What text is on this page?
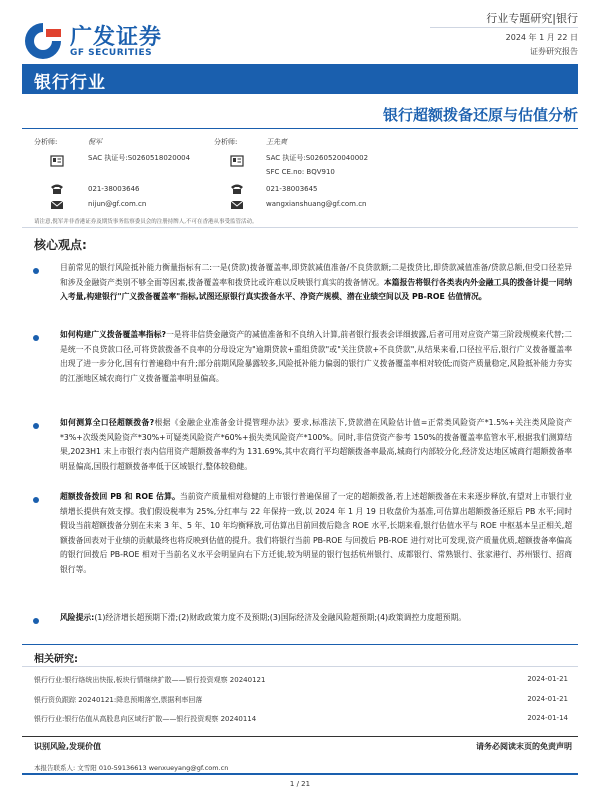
广发证券
GF SECURITIES
行业专题研究|银行
2024 年 1 月 22 日
证券研究报告
银行行业
银行超额拨备还原与估值分析
分析师:	倪军
SAC 执证号:S0260518020004
021-38003646
nijun@gf.com.cn
分析师:	王先爽
SAC 执证号:S0260520040002
SFC CE.no: BQV910
021-38003645
wangxianshuang@gf.com.cn
请注意,倪军并非香港证券及期货事务监察委员会的注册持牌人,不可在香港从事受监管活动。
核心观点:
目前常见的银行风险抵补能力衡量指标有二:一是(贷款)拨备覆盖率,即贷款减值准备/不良贷款额;二是拨贷比,即贷款减值准备/贷款总额,但受口径差异和涉及金融资产类别不够全面等因素,拨备覆盖率和拨贷比或许难以反映银行真实的拨备情况。本篇报告将银行各类表内外金融工具的拨备计提一同纳入考量,构建银行"广义拨备覆盖率"指标,试图还原银行真实拨备水平、净资产规模、潜在业绩空间以及 PB-ROE 估值情况。
如何构建广义拨备覆盖率指标?一是将非信贷金融资产的减值准备和不良纳入计算,前者银行报表会详细披露,后者可用对应资产第三阶段规模来代替;二是统一不良贷款口径,可将贷款拨备不良率的分母设定为"逾期贷款+重组贷款"或"关注贷款+不良贷款",从结果来看,口径拉平后,银行广义拨备覆盖率出现了进一步分化,国有行普遍稳中有升;部分前期风险暴露较多,风险抵补能力偏弱的银行广义拨备覆盖率相对较低;而资产质量稳定,风险抵补能力夯实的江浙地区城农商行广义拨备覆盖率明显偏高。
如何测算全口径超额拨备?根据《金融企业准备金计提管理办法》要求,标准法下,贷款潜在风险估计值=正常类风险资产*1.5%+关注类风险资产*3%+次级类风险资产*30%+可疑类风险资产*60%+损失类风险资产*100%。同时,非信贷资产参考 150%的拨备覆盖率监管水平,根据我们测算结果,2023H1 末上市银行表内信用资产超额拨备率约为 131.69%,其中农商行平均超额拨备率最高,城商行内部较分化,经济发达地区城商行超额拨备率明显偏高,国股行超额拨备率低于区域银行,整体较稳健。
超额拨备拨回 PB 和 ROE 估算。当前资产质量相对稳健的上市银行普遍保留了一定的超额拨备,若上述超额拨备在未来逐步释放,有望对上市银行业绩增长提供有效支撑。我们假设税率为 25%,分红率与 22 年保持一致,以 2024 年 1 月 19 日收盘价为基准,可估算出超额拨备还原后 PB 水平;同时假设当前超额拨备分别在未来 3 年、5 年、10 年均衡释放,可估算出目前回拨后隐含 ROE 水平,长期来看,银行估值水平与 ROE 中枢基本呈正相关,超额拨备回表对于业绩的贡献最终也将反映到估值的提升。我们将银行当前 PB-ROE 与回拨后 PB-ROE 进行对比可发现,资产质量优质,超额拨备率偏高的银行回拨后 PB-ROE 相对于当前名义水平会明显向右下方迁徙,较为明显的银行包括杭州银行、成都银行、常熟银行、张家港行、苏州银行、招商银行等。
风险提示:(1)经济增长超预期下滑;(2)财政政策力度不及预期;(3)国际经济及金融风险超预期;(4)政策调控力度超预期。
相关研究:
银行行业:银行络统出快报,板块行情继续扩散——银行投资观察 20240121	2024-01-21
银行资负跟踪 20240121:降息预期落空,票据利率回落	2024-01-21
银行行业:银行估值从高股息向区域行扩散——银行投资观察 20240114	2024-01-14
识别风险,发现价值	请务必阅读末页的免责声明
本报告联系人: 文雪阳 010-59136613 wenxueyang@gf.com.cn
1 / 21
